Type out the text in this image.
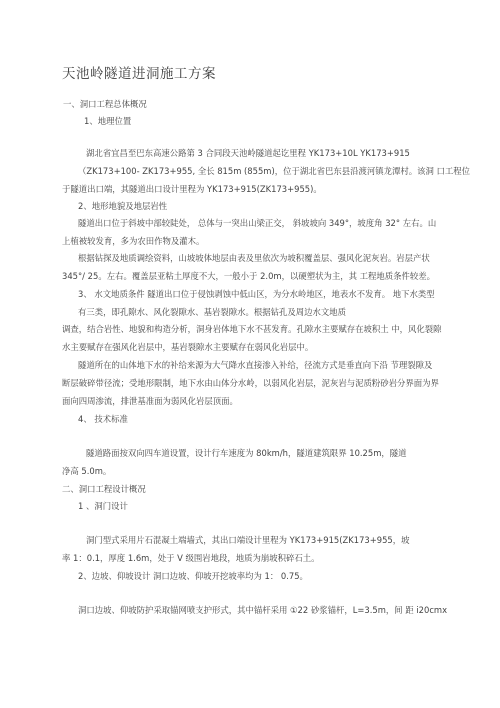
天池岭隧道进洞施工方案
一、洞口工程总体概况
1、地理位置
湖北省宜昌至巴东高速公路第 3 合同段天池岭隧道起讫里程 YK173+10L YK173+915
（ZK173+100- ZK173+955, 全长 815m (855m)，位于湖北省巴东县沿渡河镇龙潭村。该洞 口工程位
于隧道出口端，其隧道出口设计里程为 YK173+915(ZK173+955)。
2、地形地貌及地层岩性
隧道出口位于斜坡中部较陡处， 总体与一突出山梁正交， 斜坡坡向 349°，坡度角 32° 左右。山
上植被较发育，多为农田作物及灌木。
根据钻探及地质调绘资料，山坡坡体地层由表及里依次为坡积覆盖层、强风化泥灰岩。岩层产状
345°/ 25。左右。覆盖层亚粘土厚度不大，一般小于 2.0m，以硬塑状为主，其 工程地质条件较差。
3、 水文地质条件 隧道出口位于侵蚀剥蚀中低山区，为分水岭地区，地表水不发育。 地下水类型
有三类，即孔隙水、风化裂隙水、基岩裂隙水。根据钻孔及周边水文地质
调查，结合岩性、地貌和构造分析，洞身岩体地下水不甚发育。孔隙水主要赋存在坡积土 中，风化裂隙
水主要赋存在强风化岩层中，基岩裂隙水主要赋存在弱风化岩层中。
隧道所在的山体地下水的补给来源为大气降水直接渗入补给，径流方式是垂直向下沿 节理裂隙及
断层破碎带径流；受地形限制，地下水由山体分水岭，以弱风化岩层，泥灰岩与泥质粉砂岩分界面为界
面向四周渗流，排泄基准面为弱风化岩层顶面。
4、 技术标准
隧道路面按双向四车道设置，设计行车速度为 80km/h，隧道建筑限界 10.25m，隧道
净高 5.0m。
二、洞口工程设计概况
1 、洞门设计
洞门型式采用片石混凝土端墙式，其出口端设计里程为 YK173+915(ZK173+955，坡
率 1：0.1，厚度 1.6m，处于 V 级围岩地段，地质为崩坡积碎石土。
2、边坡、仰坡设计 洞口边坡、仰坡开挖坡率均为 1： 0.75。
洞口边坡、仰坡防护采取锚网喷支护形式，其中锚杆采用 ①22 砂浆锚杆，L=3.5m，间 距 i20cmx
